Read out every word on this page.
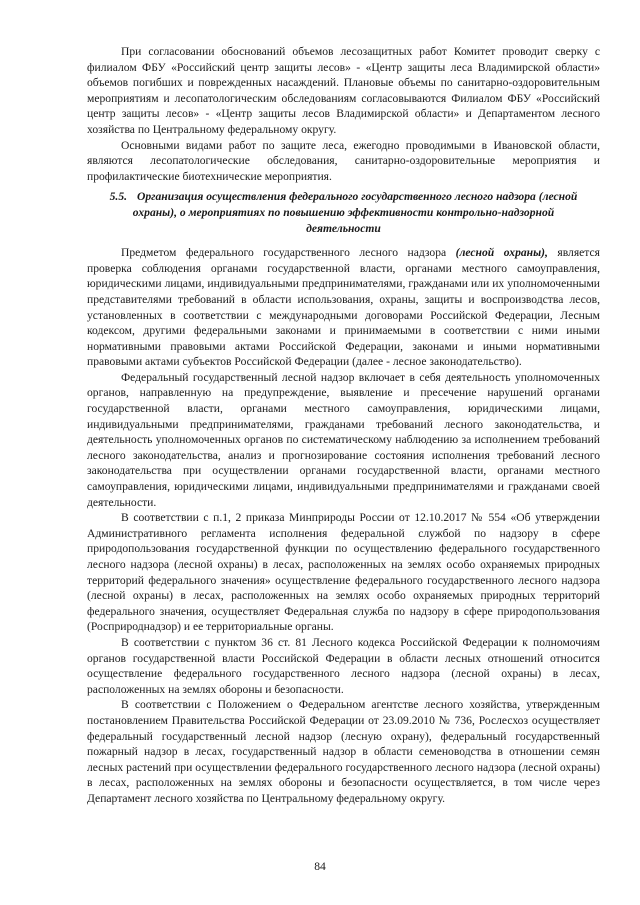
При согласовании обоснований объемов лесозащитных работ Комитет проводит сверку с филиалом ФБУ «Российский центр защиты лесов» - «Центр защиты леса Владимирской области» объемов погибших и поврежденных насаждений. Плановые объемы по санитарно-оздоровительным мероприятиям и лесопатологическим обследованиям согласовываются Филиалом ФБУ «Российский центр защиты лесов» - «Центр защиты лесов Владимирской области» и Департаментом лесного хозяйства по Центральному федеральному округу.

Основными видами работ по защите леса, ежегодно проводимыми в Ивановской области, являются лесопатологические обследования, санитарно-оздоровительные мероприятия и профилактические биотехнические мероприятия.

5.5. Организация осуществления федерального государственного лесного надзора (лесной охраны), о мероприятиях по повышению эффективности контрольно-надзорной деятельности

Предметом федерального государственного лесного надзора (лесной охраны), является проверка соблюдения органами государственной власти, органами местного самоуправления, юридическими лицами, индивидуальными предпринимателями, гражданами или их уполномоченными представителями требований в области использования, охраны, защиты и воспроизводства лесов, установленных в соответствии с международными договорами Российской Федерации, Лесным кодексом, другими федеральными законами и принимаемыми в соответствии с ними иными нормативными правовыми актами Российской Федерации, законами и иными нормативными правовыми актами субъектов Российской Федерации (далее - лесное законодательство).

Федеральный государственный лесной надзор включает в себя деятельность уполномоченных органов, направленную на предупреждение, выявление и пресечение нарушений органами государственной власти, органами местного самоуправления, юридическими лицами, индивидуальными предпринимателями, гражданами требований лесного законодательства, и деятельность уполномоченных органов по систематическому наблюдению за исполнением требований лесного законодательства, анализ и прогнозирование состояния исполнения требований лесного законодательства при осуществлении органами государственной власти, органами местного самоуправления, юридическими лицами, индивидуальными предпринимателями и гражданами своей деятельности.

В соответствии с п.1, 2 приказа Минприроды России от 12.10.2017 № 554 «Об утверждении Административного регламента исполнения федеральной службой по надзору в сфере природопользования государственной функции по осуществлению федерального государственного лесного надзора (лесной охраны) в лесах, расположенных на землях особо охраняемых природных территорий федерального значения» осуществление федерального государственного лесного надзора (лесной охраны) в лесах, расположенных на землях особо охраняемых природных территорий федерального значения, осуществляет Федеральная служба по надзору в сфере природопользования (Росприроднадзор) и ее территориальные органы.

В соответствии с пунктом 36 ст. 81 Лесного кодекса Российской Федерации к полномочиям органов государственной власти Российской Федерации в области лесных отношений относится осуществление федерального государственного лесного надзора (лесной охраны) в лесах, расположенных на землях обороны и безопасности.

В соответствии с Положением о Федеральном агентстве лесного хозяйства, утвержденным постановлением Правительства Российской Федерации от 23.09.2010 № 736, Рослесхоз осуществляет федеральный государственный лесной надзор (лесную охрану), федеральный государственный пожарный надзор в лесах, государственный надзор в области семеноводства в отношении семян лесных растений при осуществлении федерального государственного лесного надзора (лесной охраны) в лесах, расположенных на землях обороны и безопасности осуществляется, в том числе через Департамент лесного хозяйства по Центральному федеральному округу.

84
